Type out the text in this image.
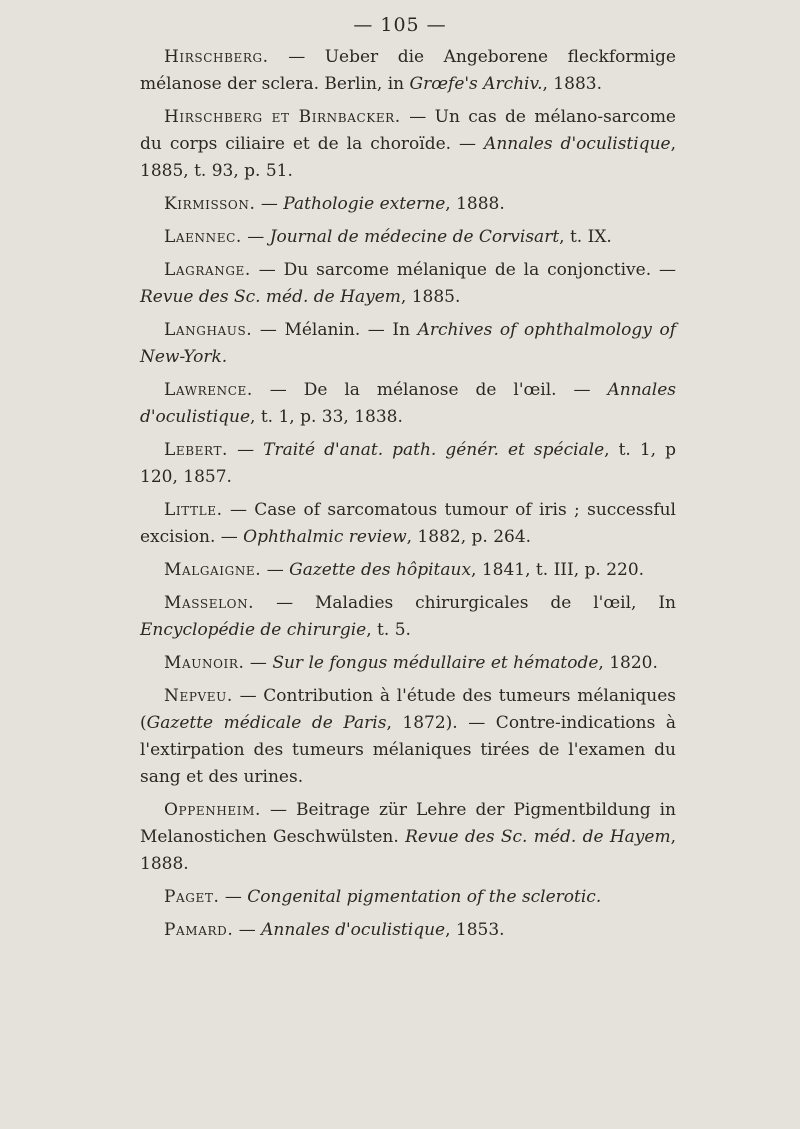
— 105 —

Hirschberg. — Ueber die Angeborene fleckformige mélanose der sclera. Berlin, in Grœfe's Archiv., 1883.

Hirschberg et Birnbacker. — Un cas de mélano-sarcome du corps ciliaire et de la choroïde. — Annales d'oculistique, 1885, t. 93, p. 51.

Kirmisson. — Pathologie externe, 1888.

Laennec. — Journal de médecine de Corvisart, t. IX.

Lagrange. — Du sarcome mélanique de la conjonctive. — Revue des Sc. méd. de Hayem, 1885.

Langhaus. — Mélanin. — In Archives of ophthalmology of New-York.

Lawrence. — De la mélanose de l'œil. — Annales d'oculistique, t. 1, p. 33, 1838.

Lebert. — Traité d'anat. path. génér. et spéciale, t. 1, p 120, 1857.

Little. — Case of sarcomatous tumour of iris ; successful excision. — Ophthalmic review, 1882, p. 264.

Malgaigne. — Gazette des hôpitaux, 1841, t. III, p. 220.

Masselon. — Maladies chirurgicales de l'œil, In Encyclopédie de chirurgie, t. 5.

Maunoir. — Sur le fongus médullaire et hématode, 1820.

Nepveu. — Contribution à l'étude des tumeurs mélaniques (Gazette médicale de Paris, 1872). — Contre-indications à l'extirpation des tumeurs mélaniques tirées de l'examen du sang et des urines.

Oppenheim. — Beitrage zür Lehre der Pigmentbildung in Melanostichen Geschwülsten. Revue des Sc. méd. de Hayem, 1888.

Paget. — Congenital pigmentation of the sclerotic.

Pamard. — Annales d'oculistique, 1853.
